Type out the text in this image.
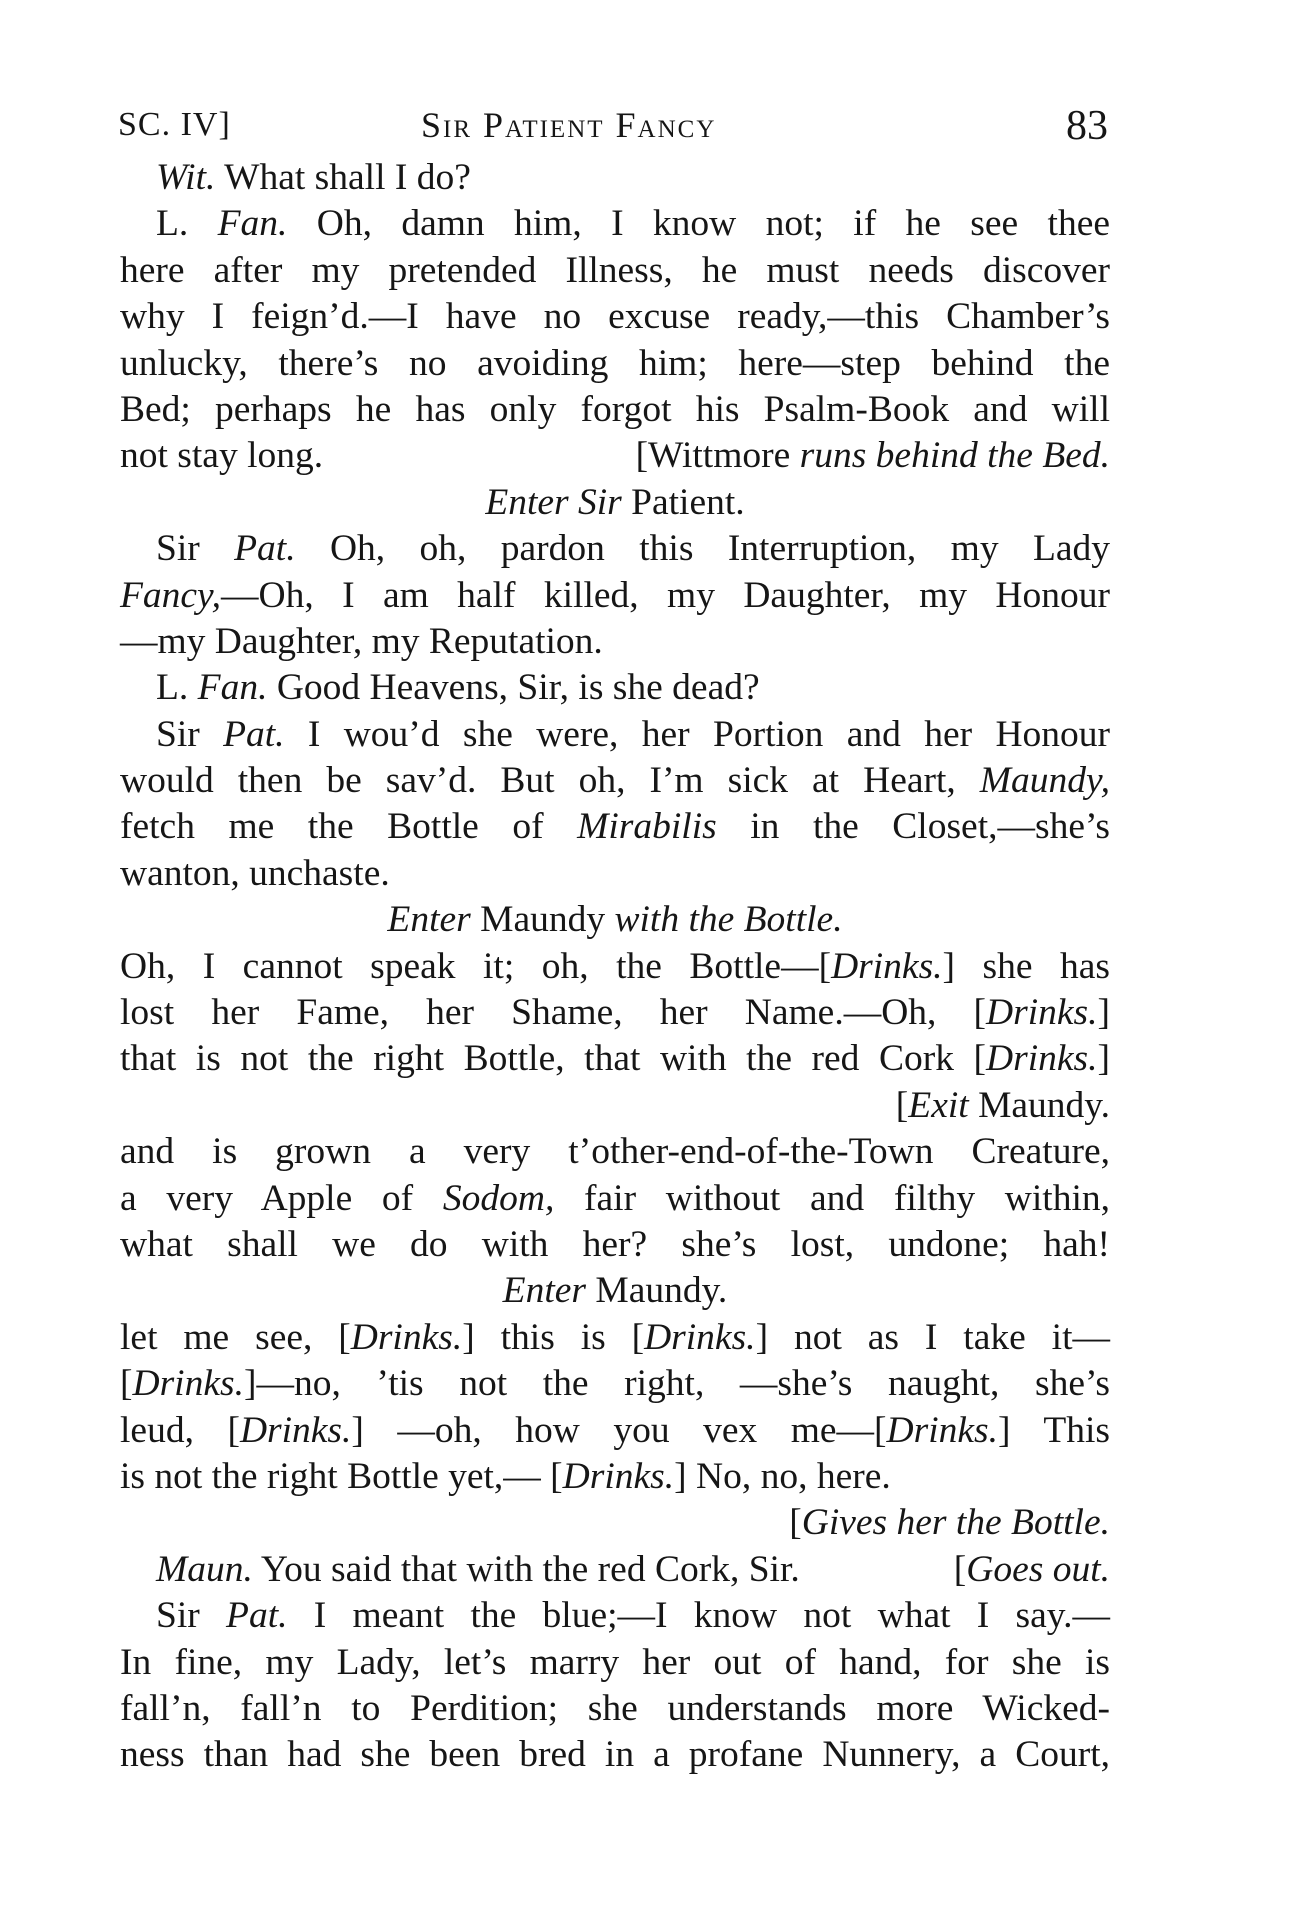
SC. IV]	Sir Patient Fancy	83
Wit. What shall I do?
L. Fan. Oh, damn him, I know not; if he see thee
here after my pretended Illness, he must needs discover
why I feign’d.—I have no excuse ready,—this Chamber’s
unlucky, there’s no avoiding him; here—step behind the
Bed; perhaps he has only forgot his Psalm-Book and will
not stay long.	[Wittmore runs behind the Bed.
Enter Sir Patient.
Sir Pat. Oh, oh, pardon this Interruption, my Lady
Fancy,—Oh, I am half killed, my Daughter, my Honour
—my Daughter, my Reputation.
L. Fan. Good Heavens, Sir, is she dead?
Sir Pat. I wou’d she were, her Portion and her Honour
would then be sav’d. But oh, I’m sick at Heart, Maundy,
fetch me the Bottle of Mirabilis in the Closet,—she’s
wanton, unchaste.
Enter Maundy with the Bottle.
Oh, I cannot speak it; oh, the Bottle—[Drinks.] she has
lost her Fame, her Shame, her Name.—Oh, [Drinks.]
that is not the right Bottle, that with the red Cork [Drinks.]
[Exit Maundy.
and is grown a very t’other-end-of-the-Town Creature,
a very Apple of Sodom, fair without and filthy within,
what shall we do with her? she’s lost, undone; hah!
Enter Maundy.
let me see, [Drinks.] this is [Drinks.] not as I take it—
[Drinks.]—no, ’tis not the right, —she’s naught, she’s
leud, [Drinks.] —oh, how you vex me—[Drinks.] This
is not the right Bottle yet,— [Drinks.] No, no, here.
[Gives her the Bottle.
Maun. You said that with the red Cork, Sir.	[Goes out.
Sir Pat. I meant the blue;—I know not what I say.—
In fine, my Lady, let’s marry her out of hand, for she is
fall’n, fall’n to Perdition; she understands more Wicked-
ness than had she been bred in a profane Nunnery, a Court,
